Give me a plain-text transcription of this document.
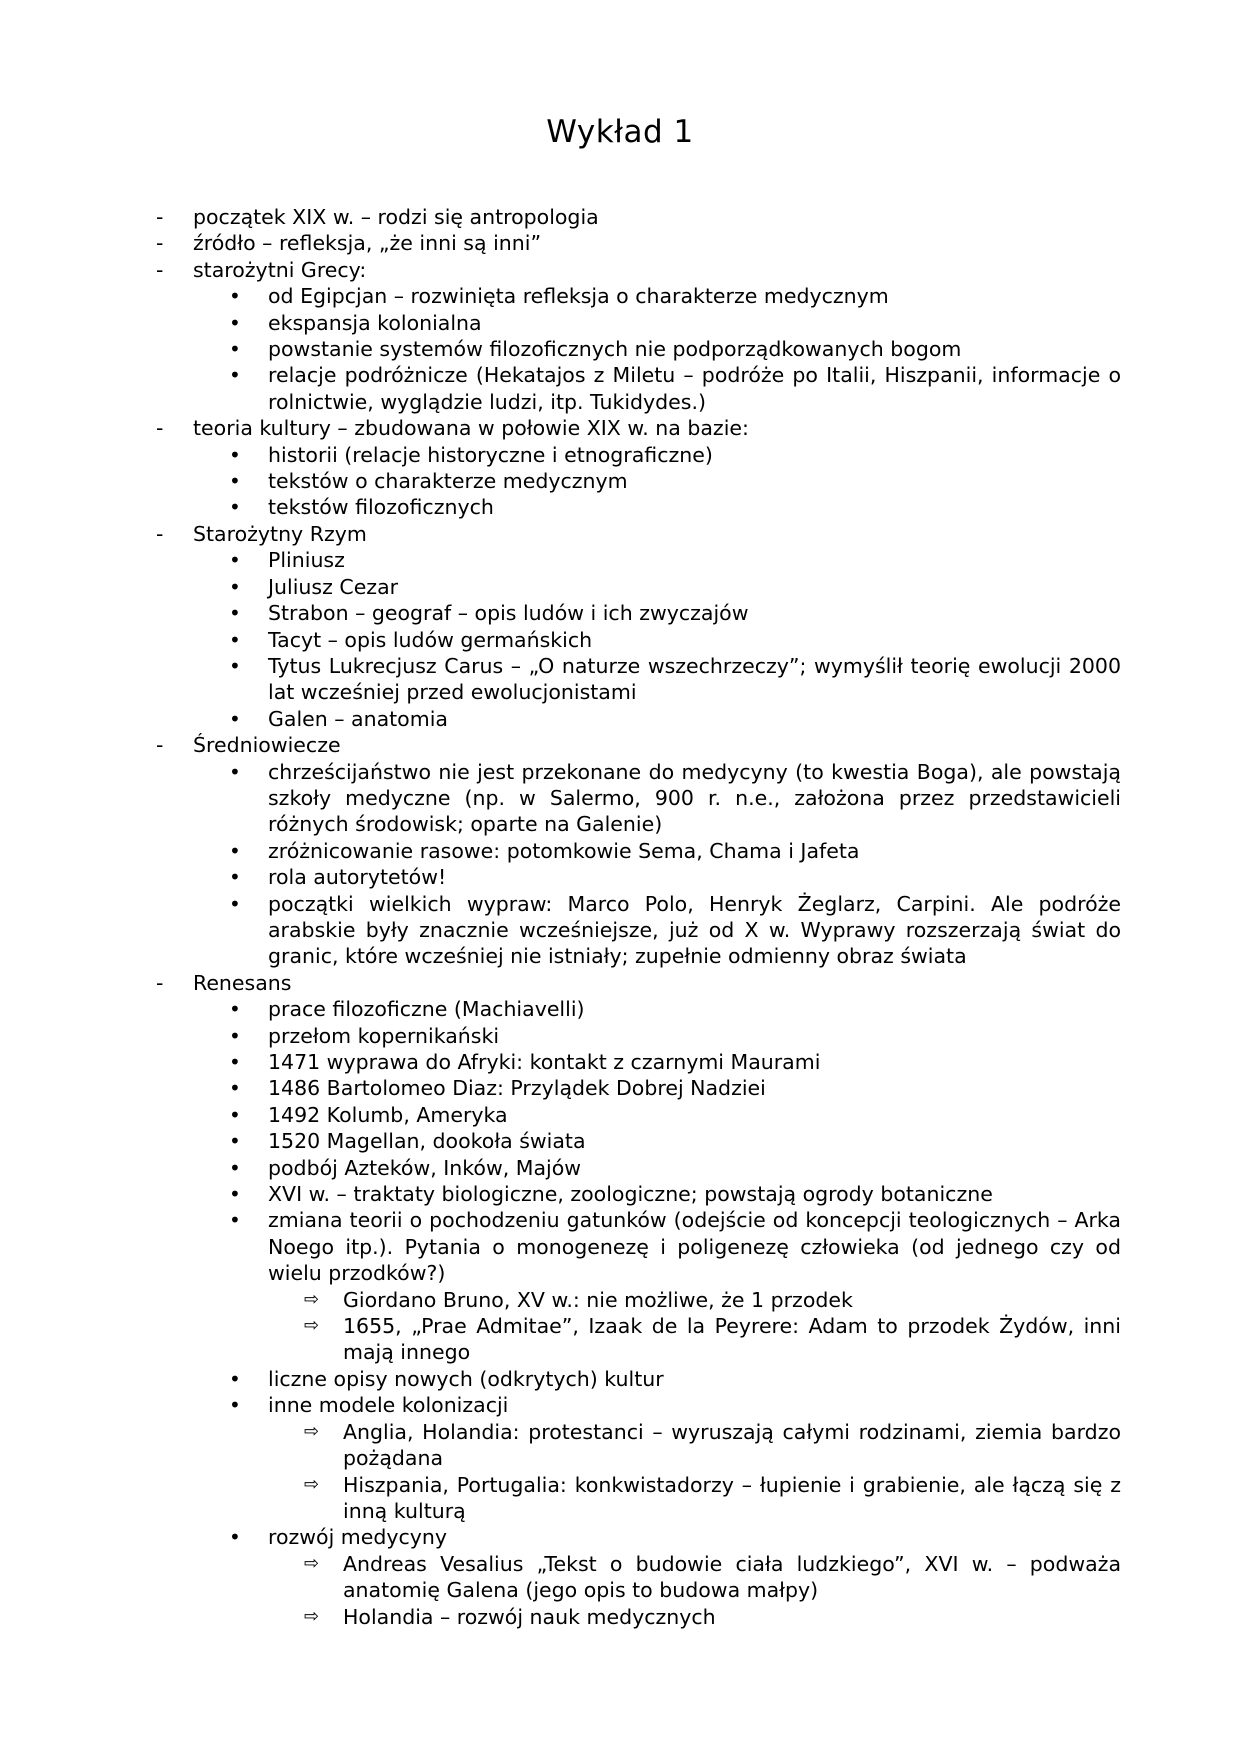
Wykład 1
- początek XIX w. – rodzi się antropologia
- źródło – refleksja, „że inni są inni”
- starożytni Grecy:
• od Egipcjan – rozwinięta refleksja o charakterze medycznym
• ekspansja kolonialna
• powstanie systemów filozoficznych nie podporządkowanych bogom
• relacje podróżnicze (Hekatajos z Miletu – podróże po Italii, Hiszpanii, informacje o rolnictwie, wyglądzie ludzi, itp. Tukidydes.)
- teoria kultury – zbudowana w połowie XIX w. na bazie:
• historii (relacje historyczne i etnograficzne)
• tekstów o charakterze medycznym
• tekstów filozoficznych
- Starożytny Rzym
• Pliniusz
• Juliusz Cezar
• Strabon – geograf – opis ludów i ich zwyczajów
• Tacyt – opis ludów germańskich
• Tytus Lukrecjusz Carus – „O naturze wszechrzeczy”; wymyślił teorię ewolucji 2000 lat wcześniej przed ewolucjonistami
• Galen – anatomia
- Średniowiecze
• chrześcijaństwo nie jest przekonane do medycyny (to kwestia Boga), ale powstają szkoły medyczne (np. w Salermo, 900 r. n.e., założona przez przedstawicieli różnych środowisk; oparte na Galenie)
• zróżnicowanie rasowe: potomkowie Sema, Chama i Jafeta
• rola autorytetów!
• początki wielkich wypraw: Marco Polo, Henryk Żeglarz, Carpini. Ale podróże arabskie były znacznie wcześniejsze, już od X w. Wyprawy rozszerzają świat do granic, które wcześniej nie istniały; zupełnie odmienny obraz świata
- Renesans
• prace filozoficzne (Machiavelli)
• przełom kopernikański
• 1471 wyprawa do Afryki: kontakt z czarnymi Maurami
• 1486 Bartolomeo Diaz: Przylądek Dobrej Nadziei
• 1492 Kolumb, Ameryka
• 1520 Magellan, dookoła świata
• podbój Azteków, Inków, Majów
• XVI w. – traktaty biologiczne, zoologiczne; powstają ogrody botaniczne
• zmiana teorii o pochodzeniu gatunków (odejście od koncepcji teologicznych – Arka Noego itp.). Pytania o monogenezę i poligenezę człowieka (od jednego czy od wielu przodków?)
⇨ Giordano Bruno, XV w.: nie możliwe, że 1 przodek
⇨ 1655, „Prae Admitae”, Izaak de la Peyrere: Adam to przodek Żydów, inni mają innego
• liczne opisy nowych (odkrytych) kultur
• inne modele kolonizacji
⇨ Anglia, Holandia: protestanci – wyruszają całymi rodzinami, ziemia bardzo pożądana
⇨ Hiszpania, Portugalia: konkwistadorzy – łupienie i grabienie, ale łączą się z inną kulturą
• rozwój medycyny
⇨ Andreas Vesalius „Tekst o budowie ciała ludzkiego”, XVI w. – podważa anatomię Galena (jego opis to budowa małpy)
⇨ Holandia – rozwój nauk medycznych
